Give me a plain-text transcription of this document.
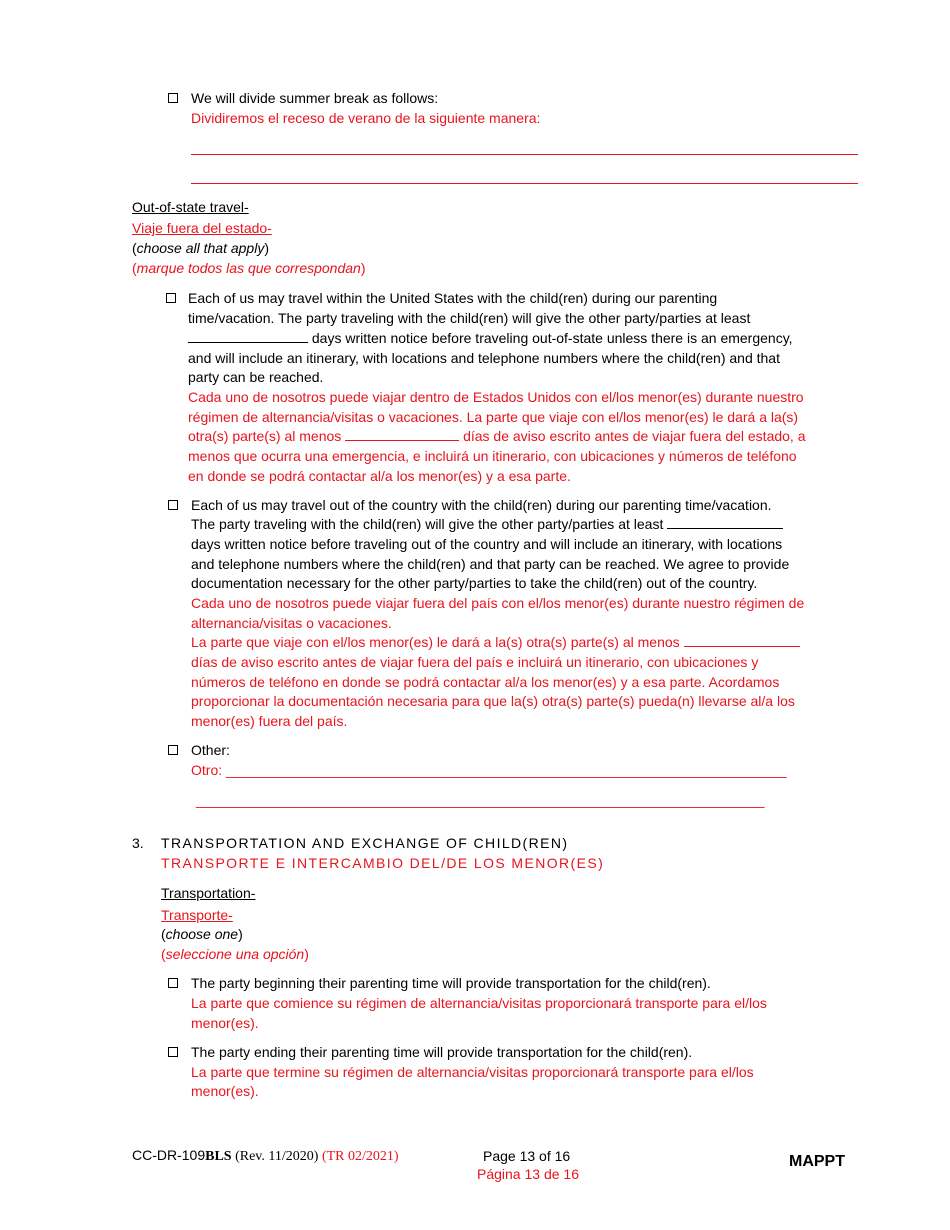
We will divide summer break as follows:
Dividiremos el receso de verano de la siguiente manera:
Out-of-state travel-
Viaje fuera del estado-
(choose all that apply)
(marque todos las que correspondan)
Each of us may travel within the United States with the child(ren) during our parenting
time/vacation. The party traveling with the child(ren) will give the other party/parties at least
days written notice before traveling out-of-state unless there is an emergency,
and will include an itinerary, with locations and telephone numbers where the child(ren) and that
party can be reached.
Cada uno de nosotros puede viajar dentro de Estados Unidos con el/los menor(es) durante nuestro
régimen de alternancia/visitas o vacaciones. La parte que viaje con el/los menor(es) le dará a la(s)
otra(s) parte(s) al menos	días de aviso escrito antes de viajar fuera del estado, a
menos que ocurra una emergencia, e incluirá un itinerario, con ubicaciones y números de teléfono
en donde se podrá contactar al/a los menor(es) y a esa parte.
Each of us may travel out of the country with the child(ren) during our parenting time/vacation.
The party traveling with the child(ren) will give the other party/parties at least
days written notice before traveling out of the country and will include an itinerary, with locations
and telephone numbers where the child(ren) and that party can be reached. We agree to provide
documentation necessary for the other party/parties to take the child(ren) out of the country.
Cada uno de nosotros puede viajar fuera del país con el/los menor(es) durante nuestro régimen de
alternancia/visitas o vacaciones.
La parte que viaje con el/los menor(es) le dará a la(s) otra(s) parte(s) al menos
días de aviso escrito antes de viajar fuera del país e incluirá un itinerario, con ubicaciones y
números de teléfono en donde se podrá contactar al/a los menor(es) y a esa parte. Acordamos
proporcionar la documentación necesaria para que la(s) otra(s) parte(s) pueda(n) llevarse al/a los
menor(es) fuera del país.
Other:
Otro: ________________________________________________________________________
_________________________________________________________________________
3. TRANSPORTATION AND EXCHANGE OF CHILD(REN)
TRANSPORTE E INTERCAMBIO DEL/DE LOS MENOR(ES)
Transportation-
Transporte-
(choose one)
(seleccione una opción)
The party beginning their parenting time will provide transportation for the child(ren).
La parte que comience su régimen de alternancia/visitas proporcionará transporte para el/los
menor(es).
The party ending their parenting time will provide transportation for the child(ren).
La parte que termine su régimen de alternancia/visitas proporcionará transporte para el/los
menor(es).
CC-DR-109BLS (Rev. 11/2020) (TR 02/2021)	Page 13 of 16
Página 13 de 16
MAPPT
